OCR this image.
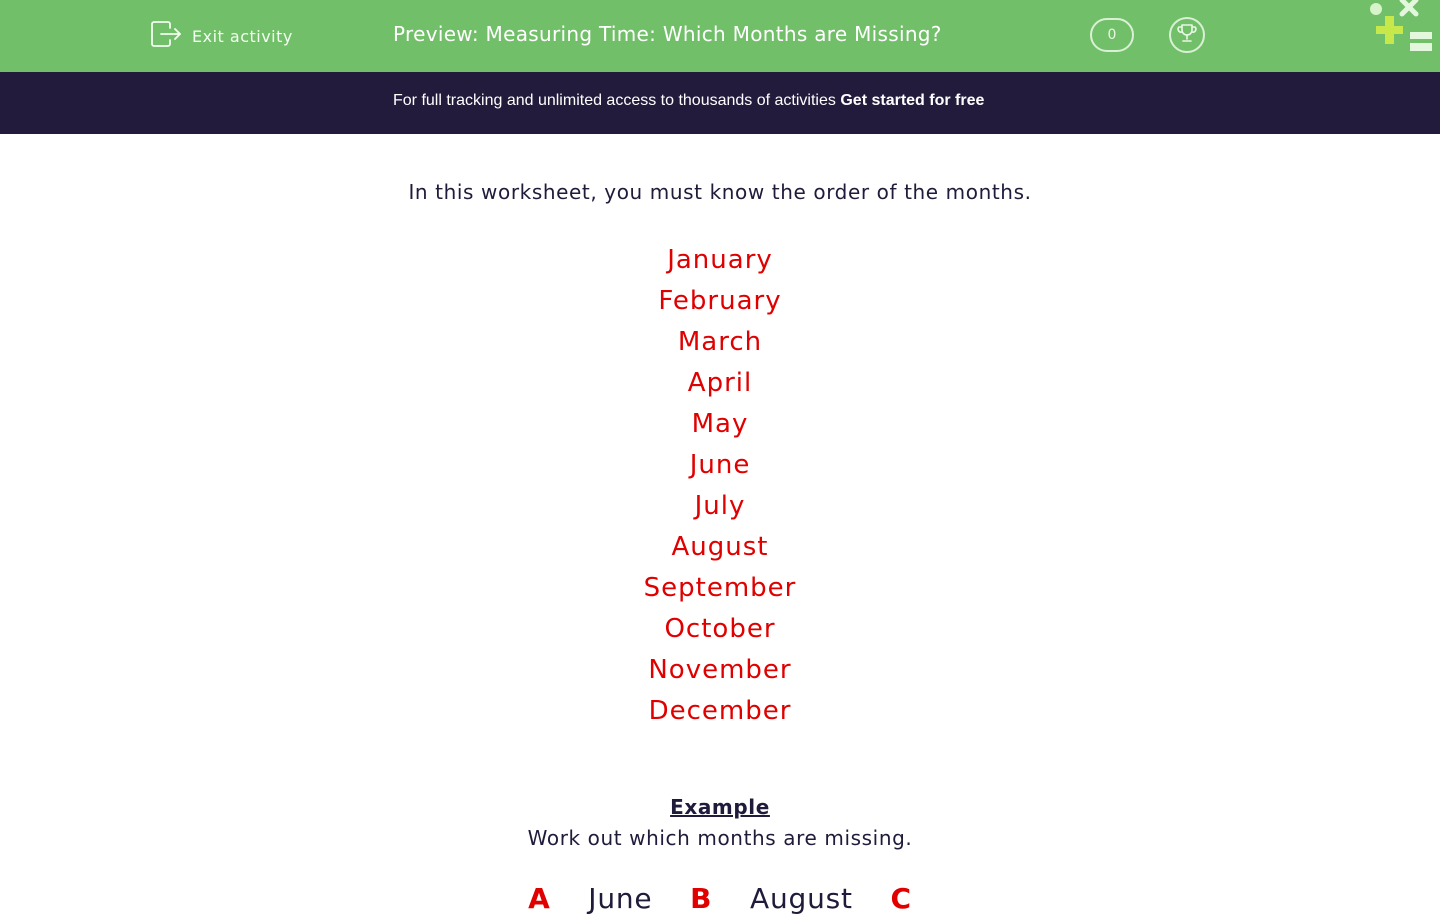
Exit activity	Preview: Measuring Time: Which Months are Missing?	0
For full tracking and unlimited access to thousands of activities Get started for free
In this worksheet, you must know the order of the months.
January
February
March
April
May
June
July
August
September
October
November
December
Example
Work out which months are missing.
A June B August C
